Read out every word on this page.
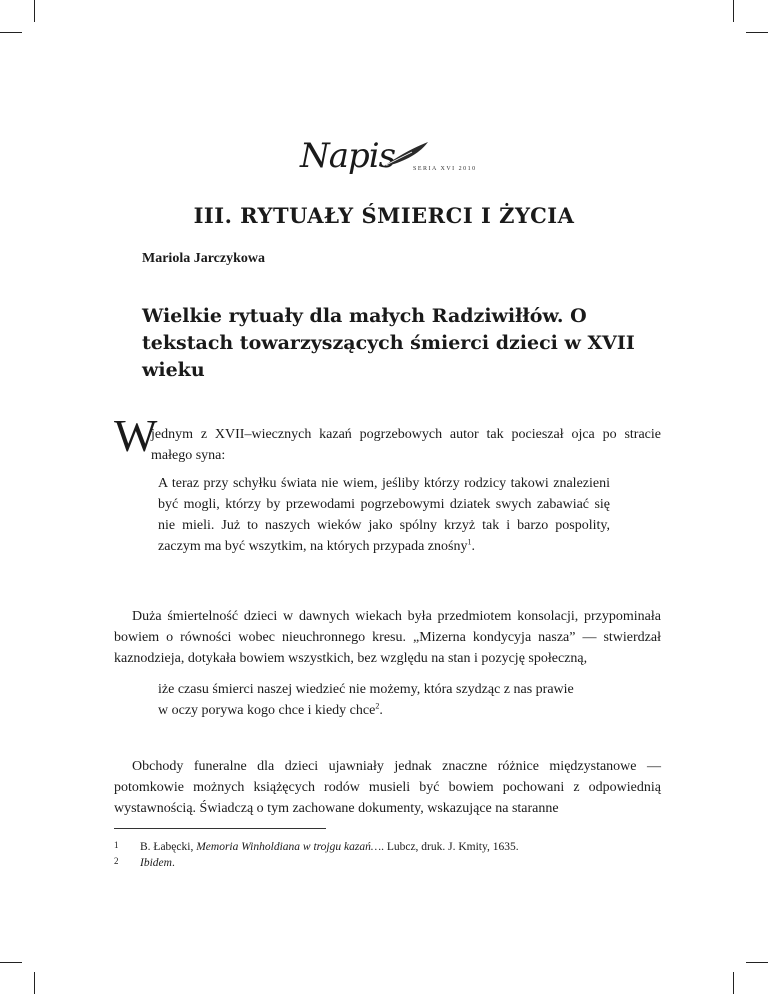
Napis	SERIA XVI 2010
III. RYTUAŁY ŚMIERCI I ŻYCIA
Mariola Jarczykowa
Wielkie rytuały dla małych Radziwiłłów. O tekstach towarzyszących śmierci dzieci w XVII wieku
W
jednym z XVII–wiecznych kazań pogrzebowych autor tak pocieszał ojca po stracie małego syna:
A teraz przy schyłku świata nie wiem, jeśliby którzy rodzicy takowi znalezieni być mogli, którzy by przewodami pogrzebowymi dziatek swych zabawiać się nie mieli. Już to naszych wieków jako spólny krzyż tak i barzo pospolity, zaczym ma być wszytkim, na których przypada znośny$^1$.
Duża śmiertelność dzieci w dawnych wiekach była przedmiotem konsolacji, przypominała bowiem o równości wobec nieuchronnego kresu. „Mizerna kondycyja nasza” — stwierdzał kaznodzieja, dotykała bowiem wszystkich, bez względu na stan i pozycję społeczną,
iże czasu śmierci naszej wiedzieć nie możemy, która szydząc z nas prawie
w oczy porywa kogo chce i kiedy chce$^2$.
Obchody funeralne dla dzieci ujawniały jednak znaczne różnice międzystanowe — potomkowie możnych książęcych rodów musieli być bowiem pochowani z odpowiednią wystawnością. Świadczą o tym zachowane dokumenty, wskazujące na staranne
1 B. Łabęcki, Memoria Winholdiana w trojgu kazań…. Lubcz, druk. J. Kmity, 1635.
2 Ibidem.
